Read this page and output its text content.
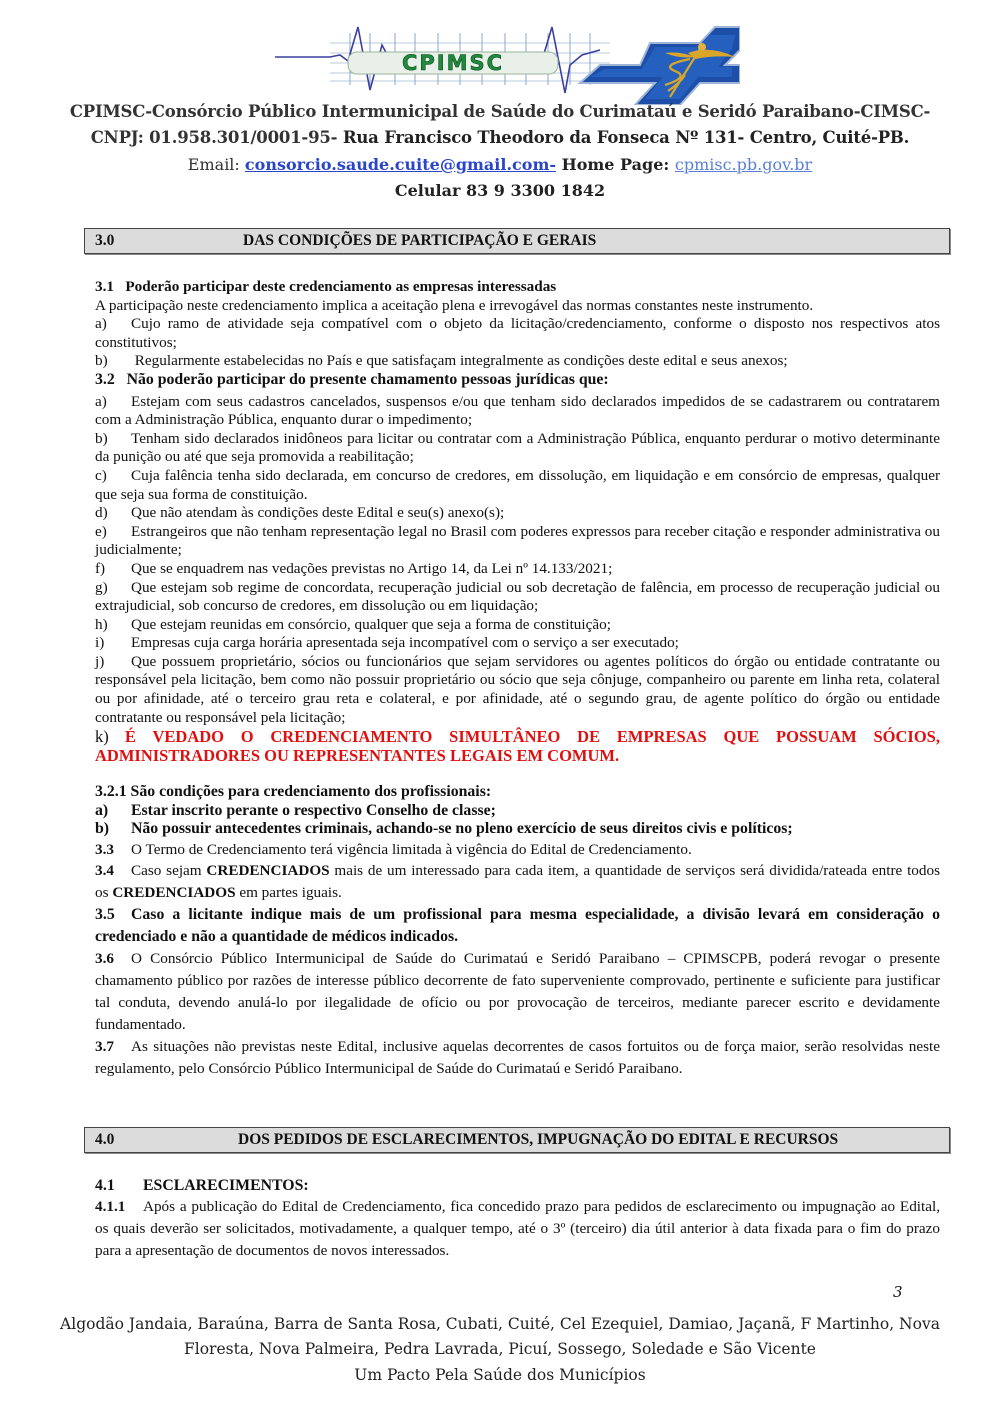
CPIMSC
CPIMSC-Consórcio Público Intermunicipal de Saúde do Curimataú e Seridó Paraibano-CIMSC-
CNPJ: 01.958.301/0001-95- Rua Francisco Theodoro da Fonseca Nº 131- Centro, Cuité-PB.
Email: consorcio.saude.cuite@gmail.com- Home Page: cpmisc.pb.gov.br
Celular 83 9 3300 1842
3.0	DAS CONDIÇÕES DE PARTICIPAÇÃO E GERAIS

3.1   Poderão participar deste credenciamento as empresas interessadas

A participação neste credenciamento implica a aceitação plena e irrevogável das normas constantes neste instrumento.

a) Cujo ramo de atividade seja compatível com o objeto da licitação/credenciamento, conforme o disposto nos respectivos atos constitutivos;

b) Regularmente estabelecidas no País e que satisfaçam integralmente as condições deste edital e seus anexos;

3.2   Não poderão participar do presente chamamento pessoas jurídicas que:

a) Estejam com seus cadastros cancelados, suspensos e/ou que tenham sido declarados impedidos de se cadastrarem ou contratarem com a Administração Pública, enquanto durar o impedimento;

b) Tenham sido declarados inidôneos para licitar ou contratar com a Administração Pública, enquanto perdurar o motivo determinante da punição ou até que seja promovida a reabilitação;

c) Cuja falência tenha sido declarada, em concurso de credores, em dissolução, em liquidação e em consórcio de empresas, qualquer que seja sua forma de constituição.

d) Que não atendam às condições deste Edital e seu(s) anexo(s);

e) Estrangeiros que não tenham representação legal no Brasil com poderes expressos para receber citação e responder administrativa ou judicialmente;

f) Que se enquadrem nas vedações previstas no Artigo 14, da Lei nº 14.133/2021;

g) Que estejam sob regime de concordata, recuperação judicial ou sob decretação de falência, em processo de recuperação judicial ou extrajudicial, sob concurso de credores, em dissolução ou em liquidação;

h) Que estejam reunidas em consórcio, qualquer que seja a forma de constituição;

i) Empresas cuja carga horária apresentada seja incompatível com o serviço a ser executado;

j) Que possuem proprietário, sócios ou funcionários que sejam servidores ou agentes políticos do órgão ou entidade contratante ou responsável pela licitação, bem como não possuir proprietário ou sócio que seja cônjuge, companheiro ou parente em linha reta, colateral ou por afinidade, até o terceiro grau reta e colateral, e por afinidade, até o segundo grau, de agente político do órgão ou entidade contratante ou responsável pela licitação;

k) É VEDADO O CREDENCIAMENTO SIMULTÂNEO DE EMPRESAS QUE POSSUAM SÓCIOS, ADMINISTRADORES OU REPRESENTANTES LEGAIS EM COMUM.

3.2.1 São condições para credenciamento dos profissionais:

a) Estar inscrito perante o respectivo Conselho de classe;

b) Não possuir antecedentes criminais, achando-se no pleno exercício de seus direitos civis e políticos;

3.3 O Termo de Credenciamento terá vigência limitada à vigência do Edital de Credenciamento.

3.4 Caso sejam CREDENCIADOS mais de um interessado para cada item, a quantidade de serviços será dividida/rateada entre todos os CREDENCIADOS em partes iguais.

3.5 Caso a licitante indique mais de um profissional para mesma especialidade, a divisão levará em consideração o credenciado e não a quantidade de médicos indicados.

3.6 O Consórcio Público Intermunicipal de Saúde do Curimataú e Seridó Paraibano – CPIMSCPB, poderá revogar o presente chamamento público por razões de interesse público decorrente de fato superveniente comprovado, pertinente e suficiente para justificar tal conduta, devendo anulá-lo por ilegalidade de ofício ou por provocação de terceiros, mediante parecer escrito e devidamente fundamentado.

3.7 As situações não previstas neste Edital, inclusive aquelas decorrentes de casos fortuitos ou de força maior, serão resolvidas neste regulamento, pelo Consórcio Público Intermunicipal de Saúde do Curimataú e Seridó Paraibano.

4.0	DOS PEDIDOS DE ESCLARECIMENTOS, IMPUGNAÇÃO DO EDITAL E RECURSOS

4.1 ESCLARECIMENTOS:

4.1.1 Após a publicação do Edital de Credenciamento, fica concedido prazo para pedidos de esclarecimento ou impugnação ao Edital, os quais deverão ser solicitados, motivadamente, a qualquer tempo, até o 3º (terceiro) dia útil anterior à data fixada para o fim do prazo para a apresentação de documentos de novos interessados.

3
Algodão Jandaia, Baraúna, Barra de Santa Rosa, Cubati, Cuité, Cel Ezequiel, Damiao, Jaçanã, F Martinho, Nova
Floresta, Nova Palmeira, Pedra Lavrada, Picuí, Sossego, Soledade e São Vicente
Um Pacto Pela Saúde dos Municípios
